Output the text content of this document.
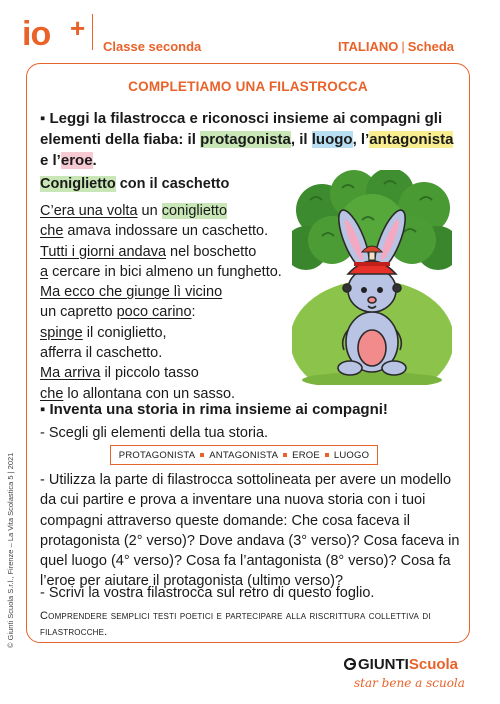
io +
Classe seconda	ITALIANO | Scheda
© Giunti Scuola S.r.l., Firenze – La Vita Scolastica 5 | 2021
COMPLETIAMO UNA FILASTROCCA
▪ Leggi la filastrocca e riconosci insieme ai compagni gli elementi della fiaba: il protagonista, il luogo, l’antagonista e l’eroe.
Coniglietto con il caschetto
C’era una volta un coniglietto
che amava indossare un caschetto.
Tutti i giorni andava nel boschetto
a cercare in bici almeno un funghetto.
Ma ecco che giunge lì vicino
un capretto poco carino:
spinge il coniglietto,
afferra il caschetto.
Ma arriva il piccolo tasso
che lo allontana con un sasso.
▪ Inventa una storia in rima insieme ai compagni!
- Scegli gli elementi della tua storia.
PROTAGONISTA ANTAGONISTA EROE LUOGO
- Utilizza la parte di filastrocca sottolineata per avere un modello da cui partire e prova a inventare una nuova storia con i tuoi compagni attraverso queste domande: Che cosa faceva il protagonista (2° verso)? Dove andava (3° verso)? Cosa faceva in quel luogo (4° verso)? Cosa fa l’antagonista (8° verso)? Cosa fa l’eroe per aiutare il protagonista (ultimo verso)?
- Scrivi la vostra filastrocca sul retro di questo foglio.
Comprendere semplici testi poetici e partecipare alla riscrittura collettiva di filastrocche.
GIUNTIScuola
star bene a scuola
